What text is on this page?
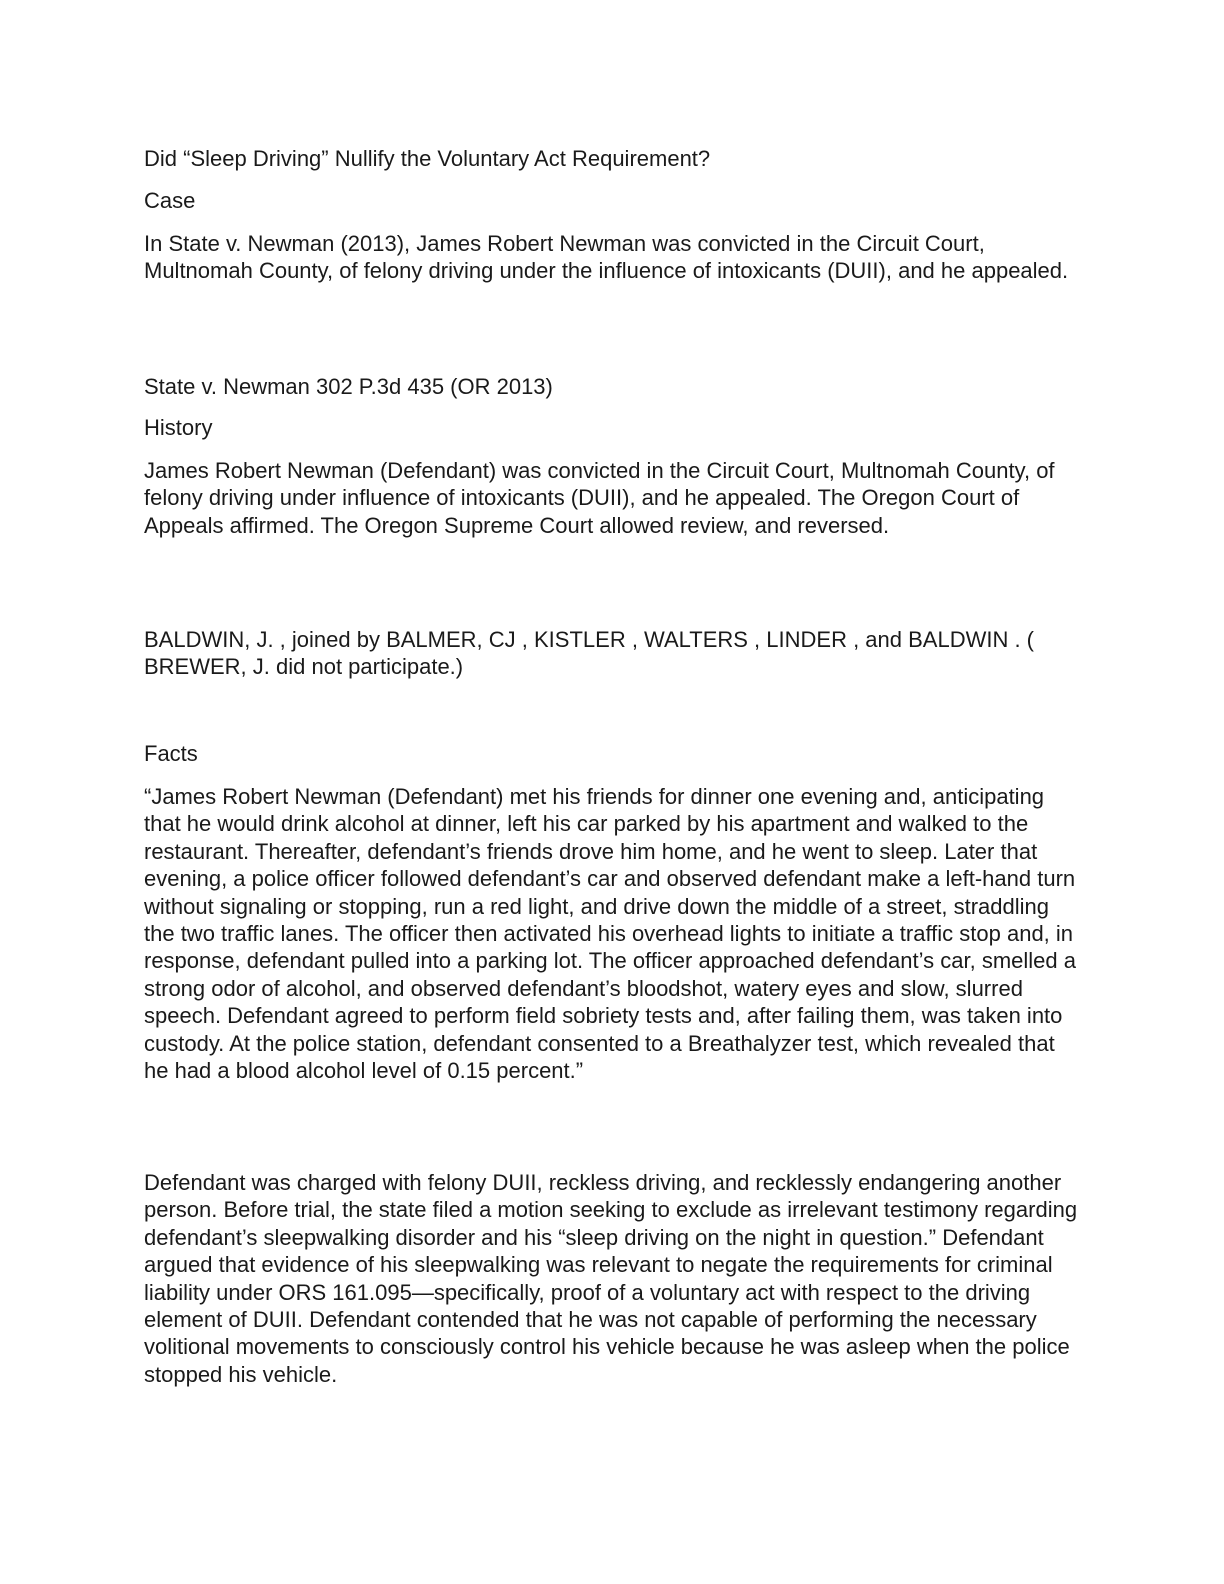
Did “Sleep Driving” Nullify the Voluntary Act Requirement?

Case

In State v. Newman (2013), James Robert Newman was convicted in the Circuit Court, Multnomah County, of felony driving under the influence of intoxicants (DUII), and he appealed.

State v. Newman 302 P.3d 435 (OR 2013)

History

James Robert Newman (Defendant) was convicted in the Circuit Court, Multnomah County, of felony driving under influence of intoxicants (DUII), and he appealed. The Oregon Court of Appeals affirmed. The Oregon Supreme Court allowed review, and reversed.

BALDWIN, J. , joined by BALMER, CJ , KISTLER , WALTERS , LINDER , and BALDWIN . ( BREWER, J. did not participate.)

Facts

“James Robert Newman (Defendant) met his friends for dinner one evening and, anticipating that he would drink alcohol at dinner, left his car parked by his apartment and walked to the restaurant. Thereafter, defendant’s friends drove him home, and he went to sleep. Later that evening, a police officer followed defendant’s car and observed defendant make a left-hand turn without signaling or stopping, run a red light, and drive down the middle of a street, straddling the two traffic lanes. The officer then activated his overhead lights to initiate a traffic stop and, in response, defendant pulled into a parking lot. The officer approached defendant’s car, smelled a strong odor of alcohol, and observed defendant’s bloodshot, watery eyes and slow, slurred speech. Defendant agreed to perform field sobriety tests and, after failing them, was taken into custody. At the police station, defendant consented to a Breathalyzer test, which revealed that he had a blood alcohol level of 0.15 percent.”

Defendant was charged with felony DUII, reckless driving, and recklessly endangering another person. Before trial, the state filed a motion seeking to exclude as irrelevant testimony regarding defendant’s sleepwalking disorder and his “sleep driving on the night in question.” Defendant argued that evidence of his sleepwalking was relevant to negate the requirements for criminal liability under ORS 161.095—specifically, proof of a voluntary act with respect to the driving element of DUII. Defendant contended that he was not capable of performing the necessary volitional movements to consciously control his vehicle because he was asleep when the police stopped his vehicle.
